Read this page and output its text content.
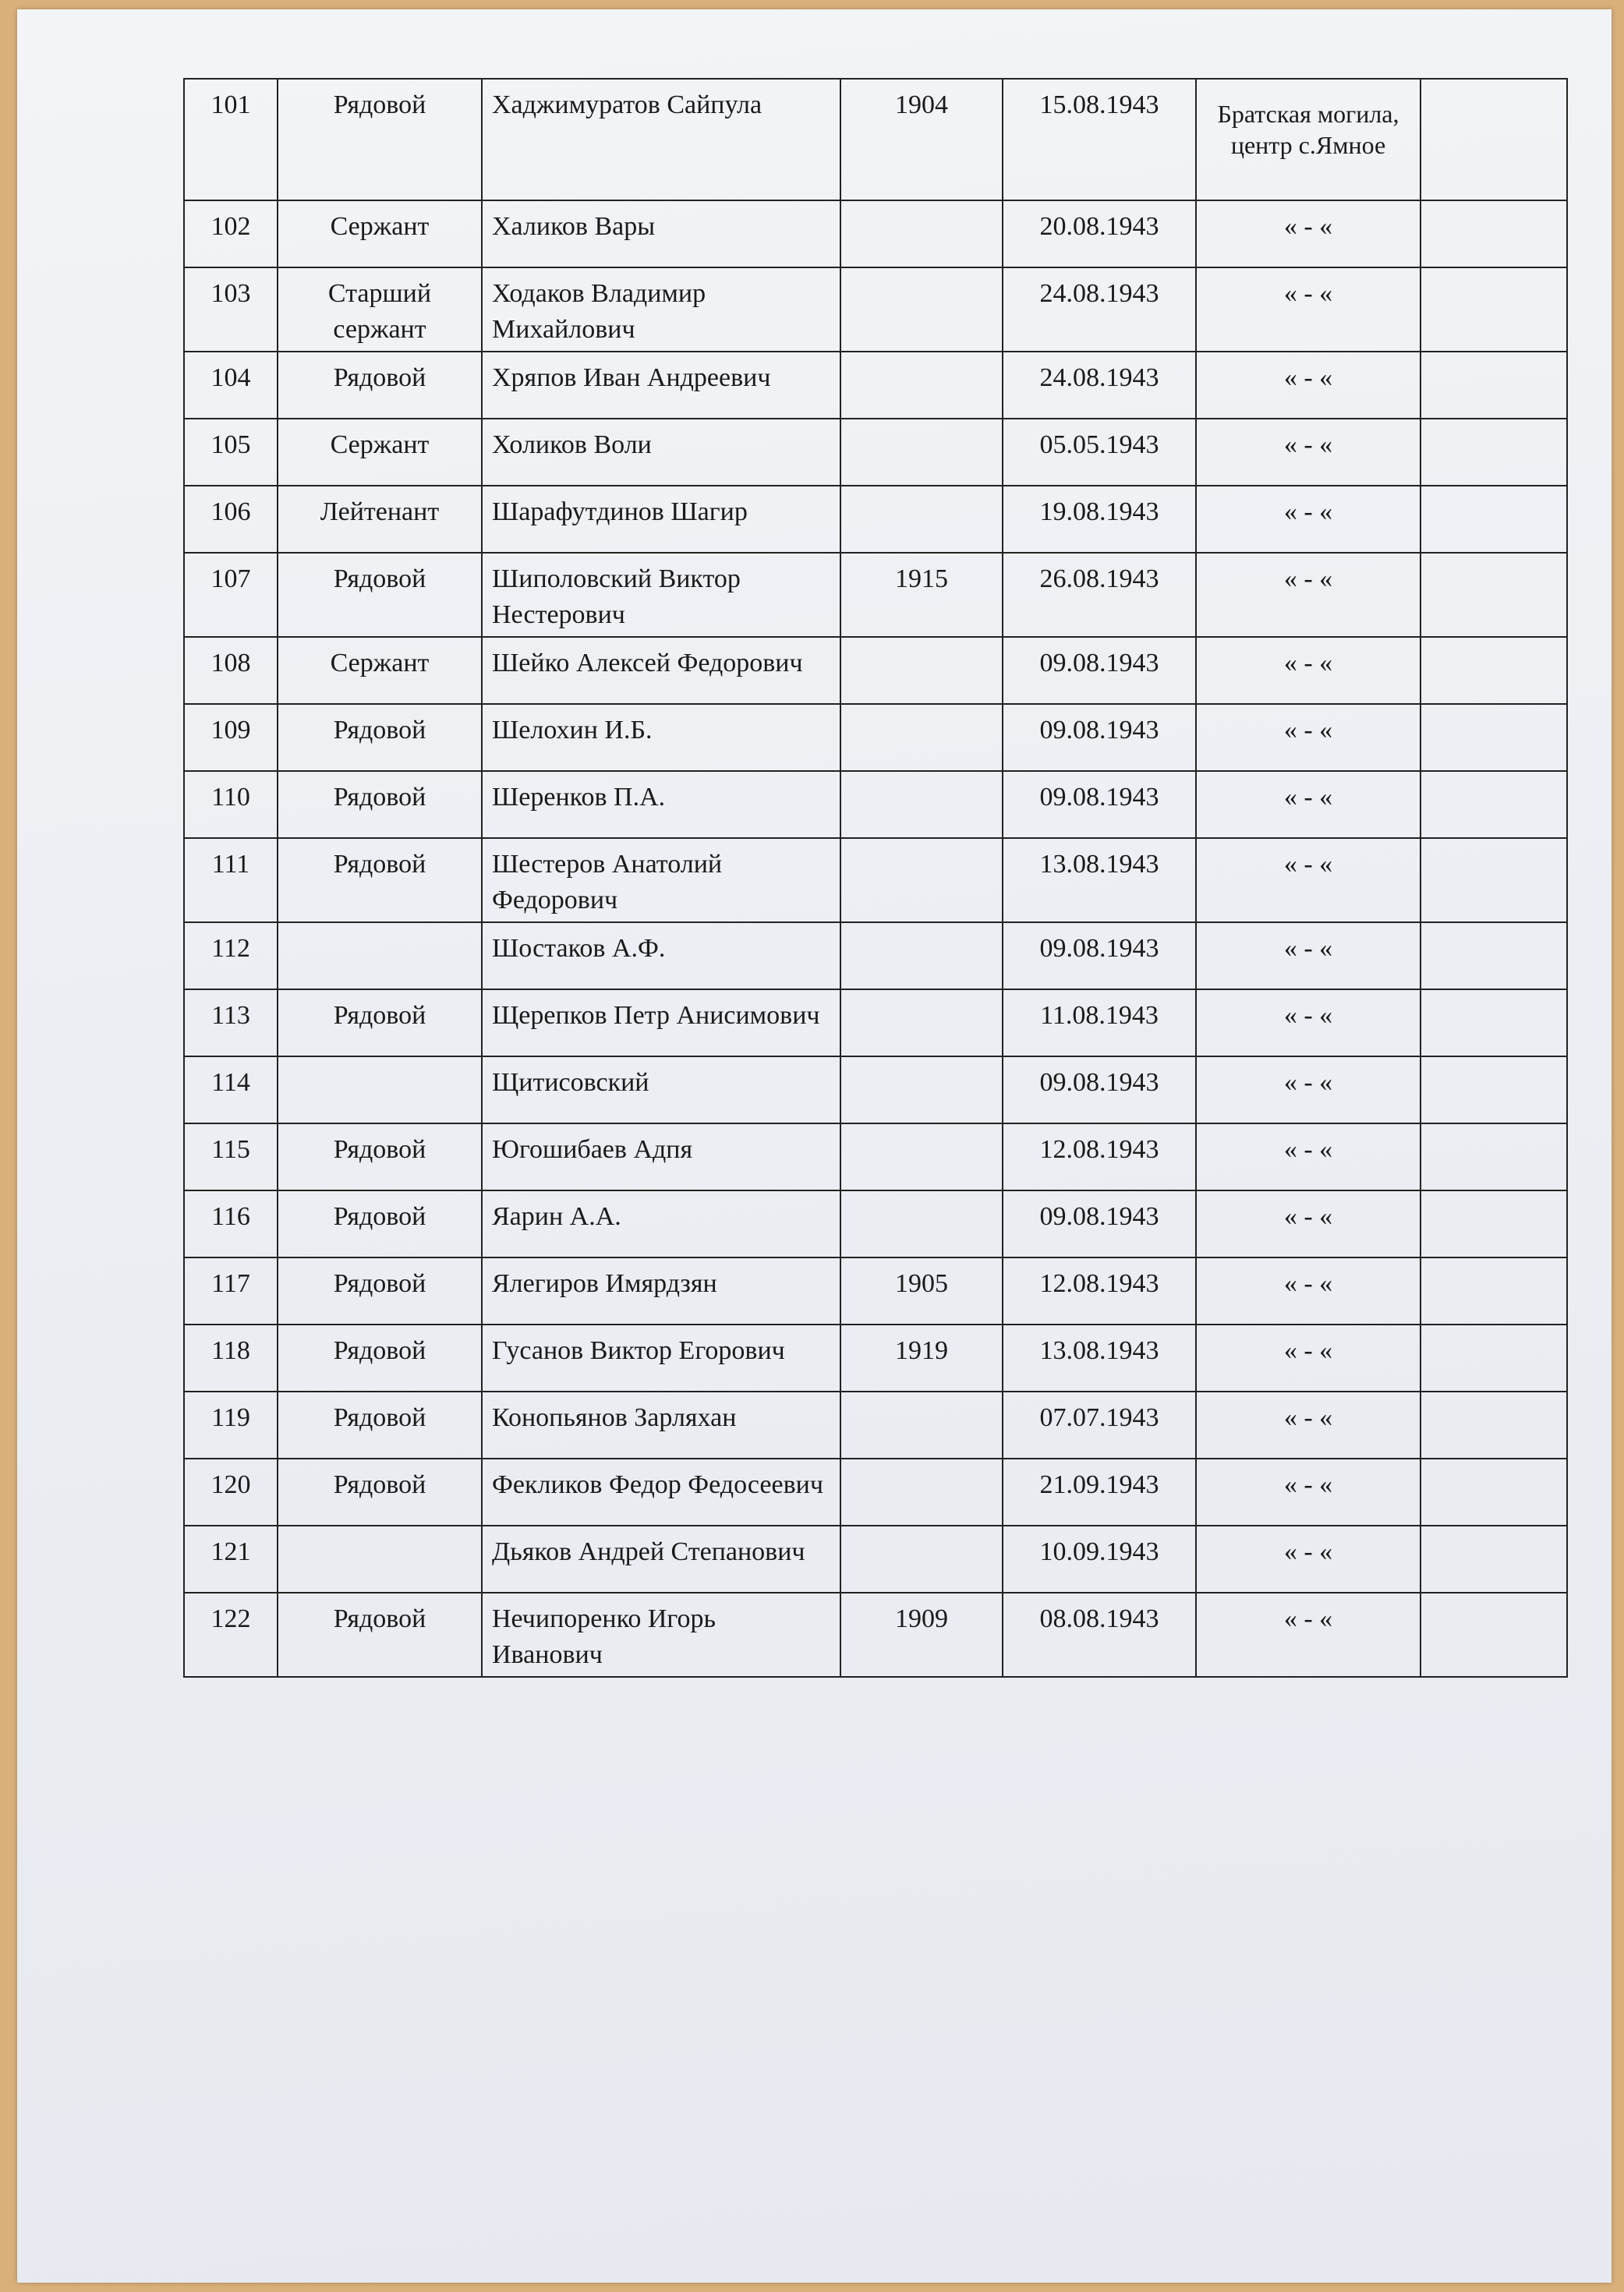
101	Рядовой	Хаджимуратов Сайпула	1904	15.08.1943	Братская могила, центр с.Ямное	
102	Сержант	Халиков Вары		20.08.1943	« - «	
103	Старший сержант	Ходаков Владимир Михайлович		24.08.1943	« - «	
104	Рядовой	Хряпов Иван Андреевич		24.08.1943	« - «	
105	Сержант	Холиков Воли		05.05.1943	« - «	
106	Лейтенант	Шарафутдинов Шагир		19.08.1943	« - «	
107	Рядовой	Шиполовский Виктор Нестерович	1915	26.08.1943	« - «	
108	Сержант	Шейко Алексей Федорович		09.08.1943	« - «	
109	Рядовой	Шелохин И.Б.		09.08.1943	« - «	
110	Рядовой	Шеренков П.А.		09.08.1943	« - «	
111	Рядовой	Шестеров Анатолий Федорович		13.08.1943	« - «	
112		Шостаков А.Ф.		09.08.1943	« - «	
113	Рядовой	Щерепков Петр Анисимович		11.08.1943	« - «	
114		Щитисовский		09.08.1943	« - «	
115	Рядовой	Югошибаев Адпя		12.08.1943	« - «	
116	Рядовой	Яарин А.А.		09.08.1943	« - «	
117	Рядовой	Ялегиров Имярдзян	1905	12.08.1943	« - «	
118	Рядовой	Гусанов Виктор Егорович	1919	13.08.1943	« - «	
119	Рядовой	Конопьянов Зарляхан		07.07.1943	« - «	
120	Рядовой	Фекликов Федор Федосеевич		21.09.1943	« - «	
121		Дьяков Андрей Степанович		10.09.1943	« - «	
122	Рядовой	Нечипоренко Игорь Иванович	1909	08.08.1943	« - «	
